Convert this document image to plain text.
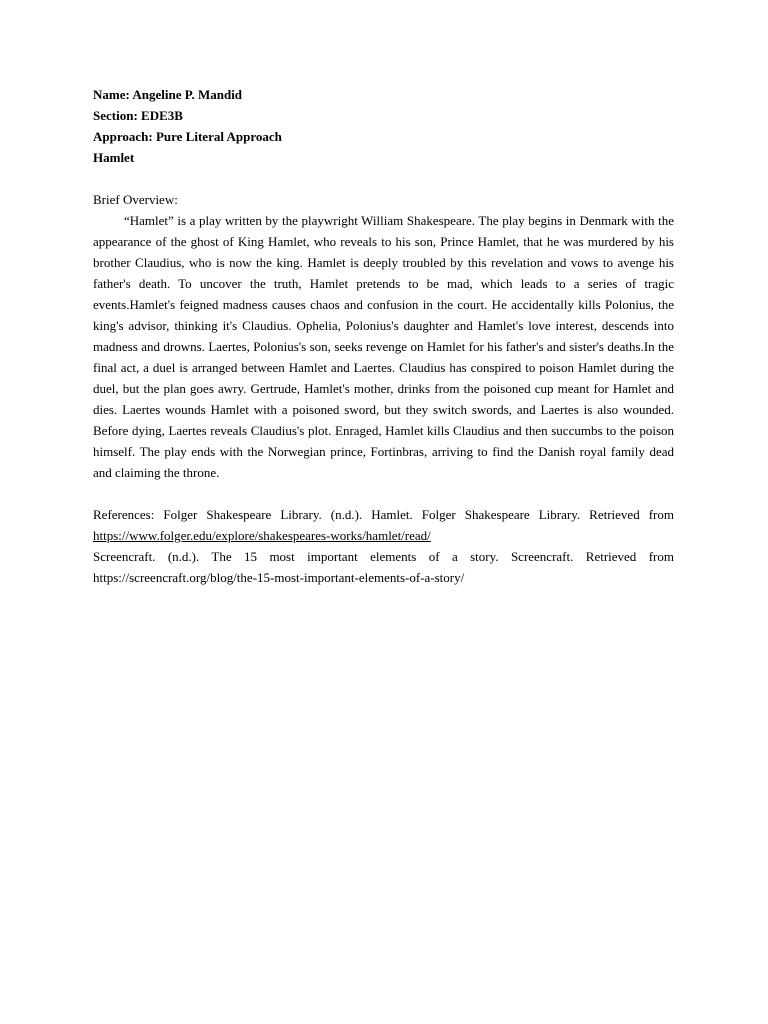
Name: Angeline P. Mandid

Section: EDE3B

Approach: Pure Literal Approach

Hamlet

Brief Overview:

“Hamlet” is a play written by the playwright William Shakespeare. The play begins in Denmark with the appearance of the ghost of King Hamlet, who reveals to his son, Prince Hamlet, that he was murdered by his brother Claudius, who is now the king. Hamlet is deeply troubled by this revelation and vows to avenge his father's death. To uncover the truth, Hamlet pretends to be mad, which leads to a series of tragic events.Hamlet's feigned madness causes chaos and confusion in the court. He accidentally kills Polonius, the king's advisor, thinking it's Claudius. Ophelia, Polonius's daughter and Hamlet's love interest, descends into madness and drowns. Laertes, Polonius's son, seeks revenge on Hamlet for his father's and sister's deaths.In the final act, a duel is arranged between Hamlet and Laertes. Claudius has conspired to poison Hamlet during the duel, but the plan goes awry. Gertrude, Hamlet's mother, drinks from the poisoned cup meant for Hamlet and dies. Laertes wounds Hamlet with a poisoned sword, but they switch swords, and Laertes is also wounded. Before dying, Laertes reveals Claudius's plot. Enraged, Hamlet kills Claudius and then succumbs to the poison himself. The play ends with the Norwegian prince, Fortinbras, arriving to find the Danish royal family dead and claiming the throne.

References: Folger Shakespeare Library. (n.d.). Hamlet. Folger Shakespeare Library. Retrieved from https://www.folger.edu/explore/shakespeares-works/hamlet/read/

Screencraft. (n.d.). The 15 most important elements of a story. Screencraft. Retrieved from https://screencraft.org/blog/the-15-most-important-elements-of-a-story/
